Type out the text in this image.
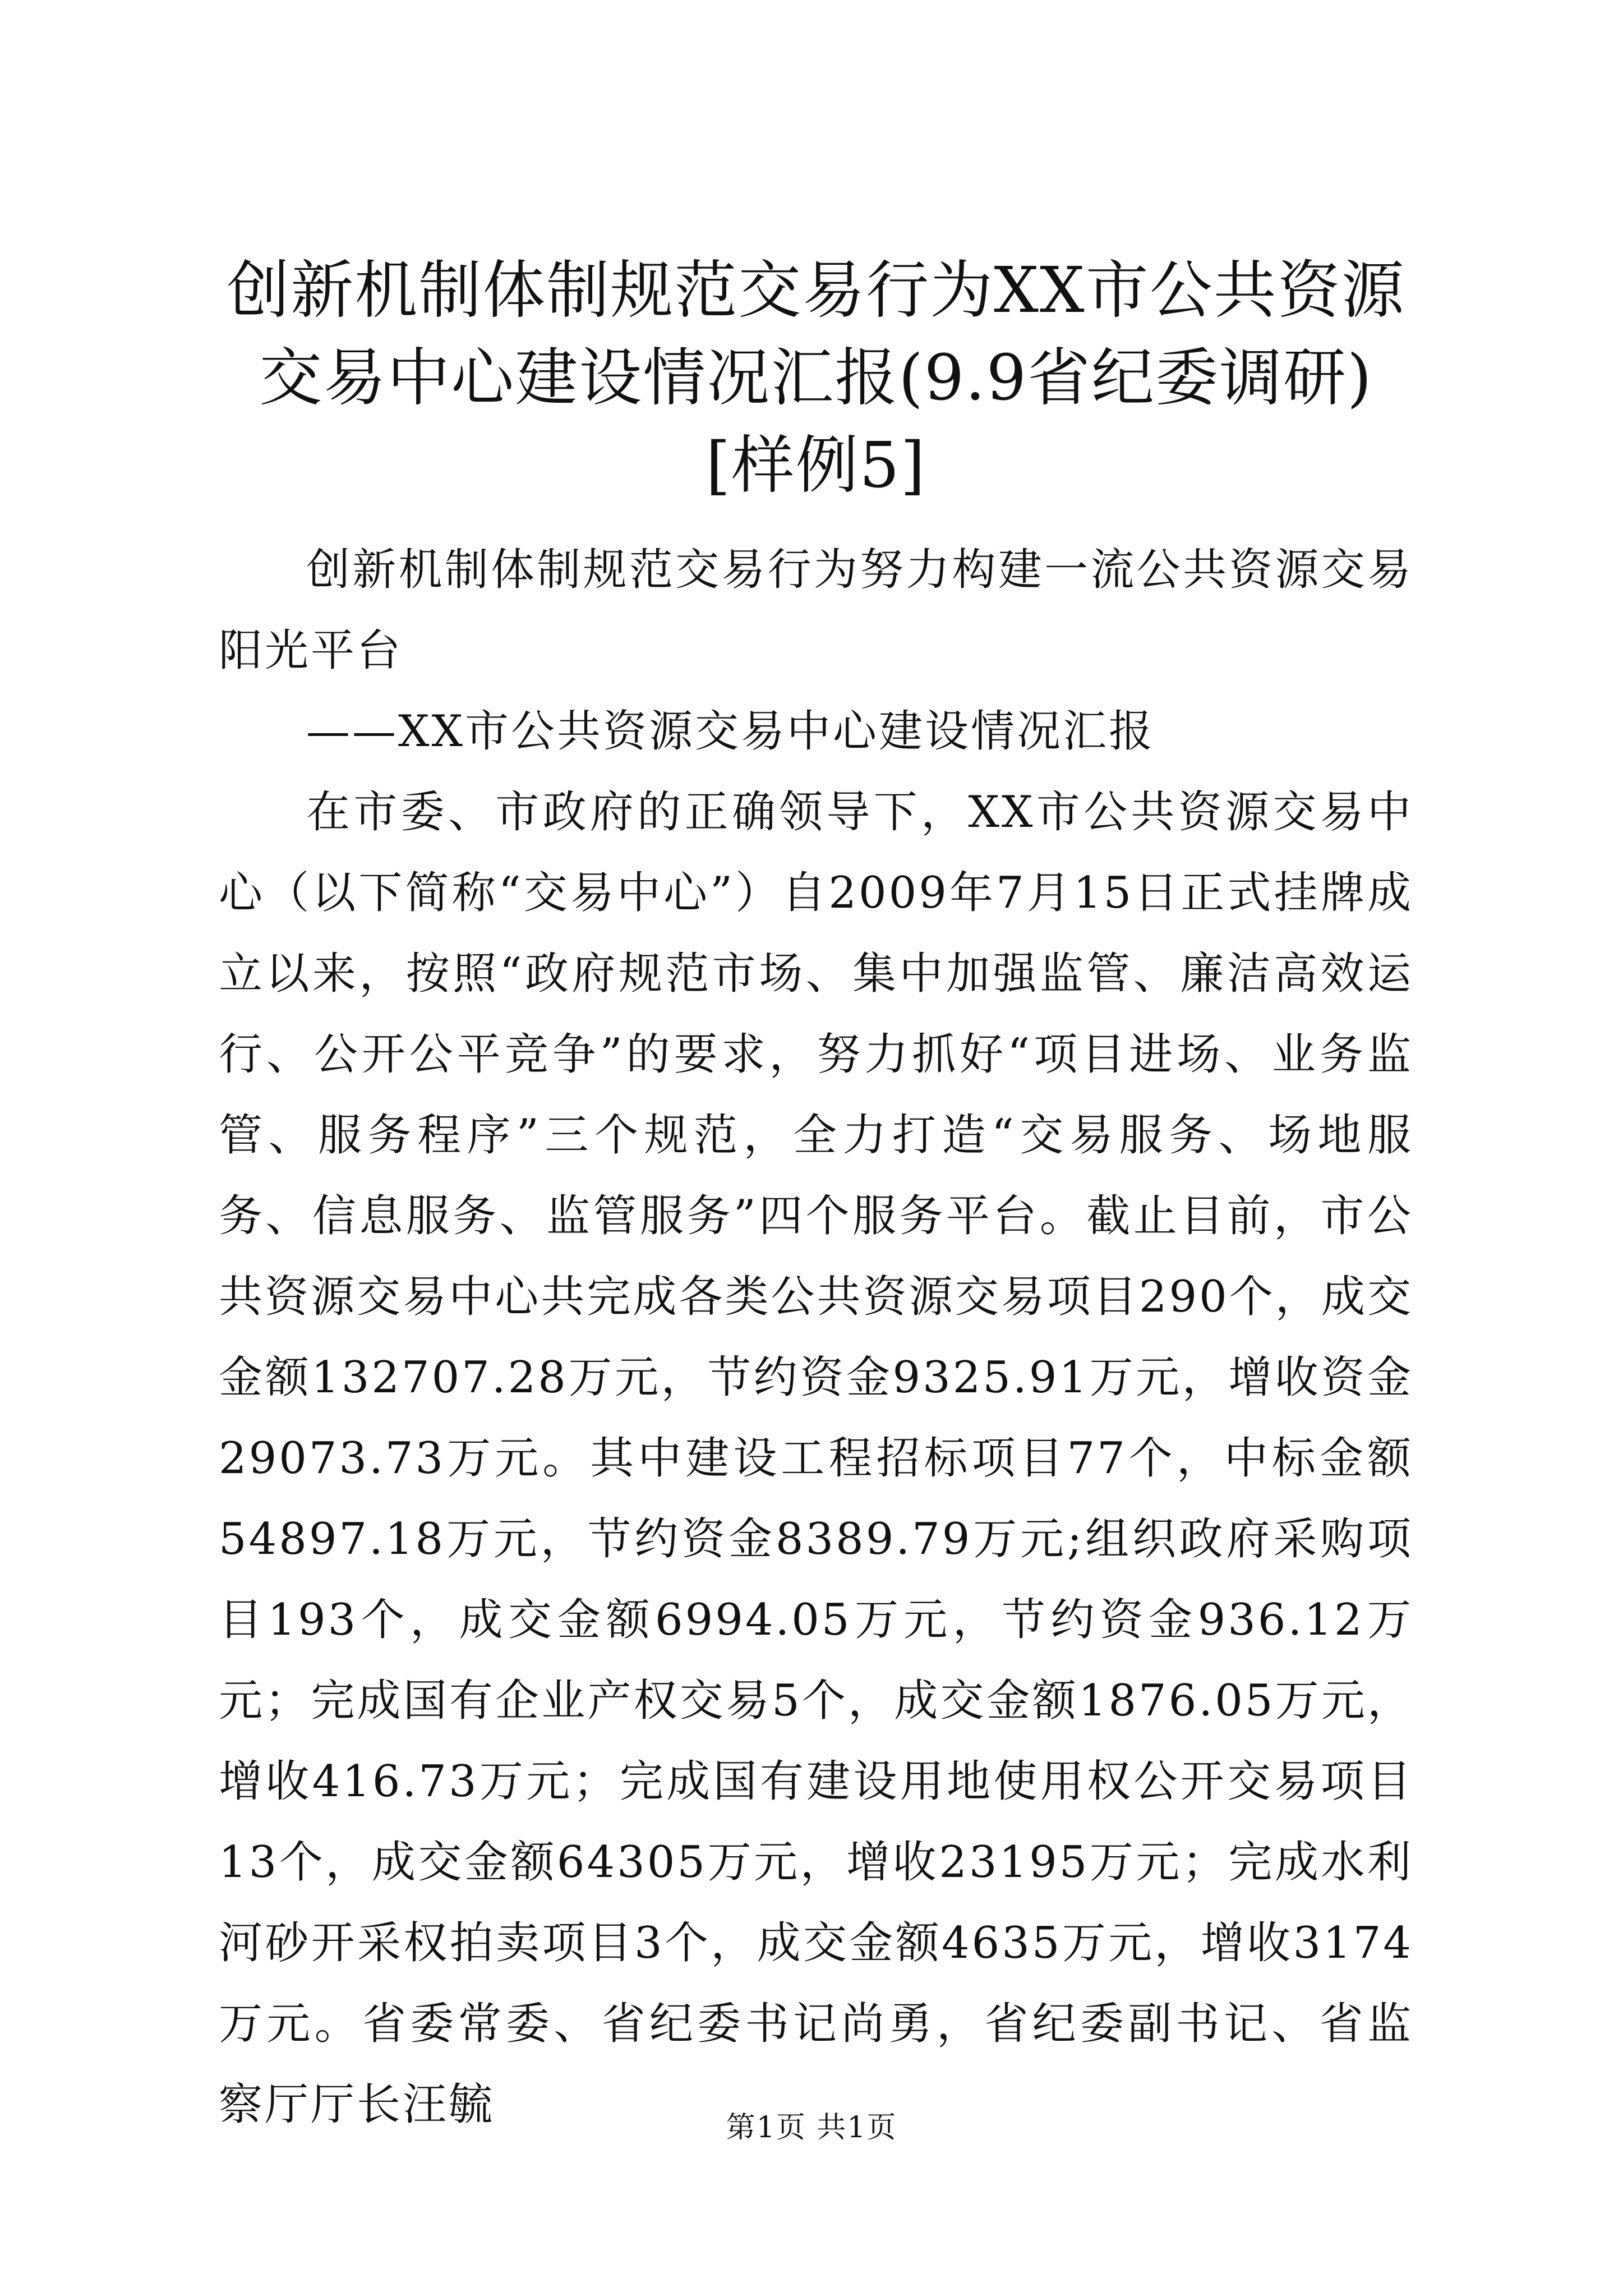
创新机制体制规范交易行为XX市公共资源交易中心建设情况汇报(9.9省纪委调研)[样例5]

创新机制体制规范交易行为努力构建一流公共资源交易阳光平台

——XX市公共资源交易中心建设情况汇报

在市委、市政府的正确领导下，XX市公共资源交易中心（以下简称“交易中心”）自2009年7月15日正式挂牌成立以来，按照“政府规范市场、集中加强监管、廉洁高效运行、公开公平竞争”的要求，努力抓好“项目进场、业务监管、服务程序”三个规范，全力打造“交易服务、场地服务、信息服务、监管服务”四个服务平台。截止目前，市公共资源交易中心共完成各类公共资源交易项目290个，成交金额132707.28万元，节约资金9325.91万元，增收资金29073.73万元。其中建设工程招标项目77个，中标金额54897.18万元，节约资金8389.79万元;组织政府采购项目193个，成交金额6994.05万元，节约资金936.12万元；完成国有企业产权交易5个，成交金额1876.05万元，增收416.73万元；完成国有建设用地使用权公开交易项目13个，成交金额64305万元，增收23195万元；完成水利河砂开采权拍卖项目3个，成交金额4635万元，增收3174万元。省委常委、省纪委书记尚勇，省纪委副书记、省监察厅厅长汪毓	第1页 共1页
